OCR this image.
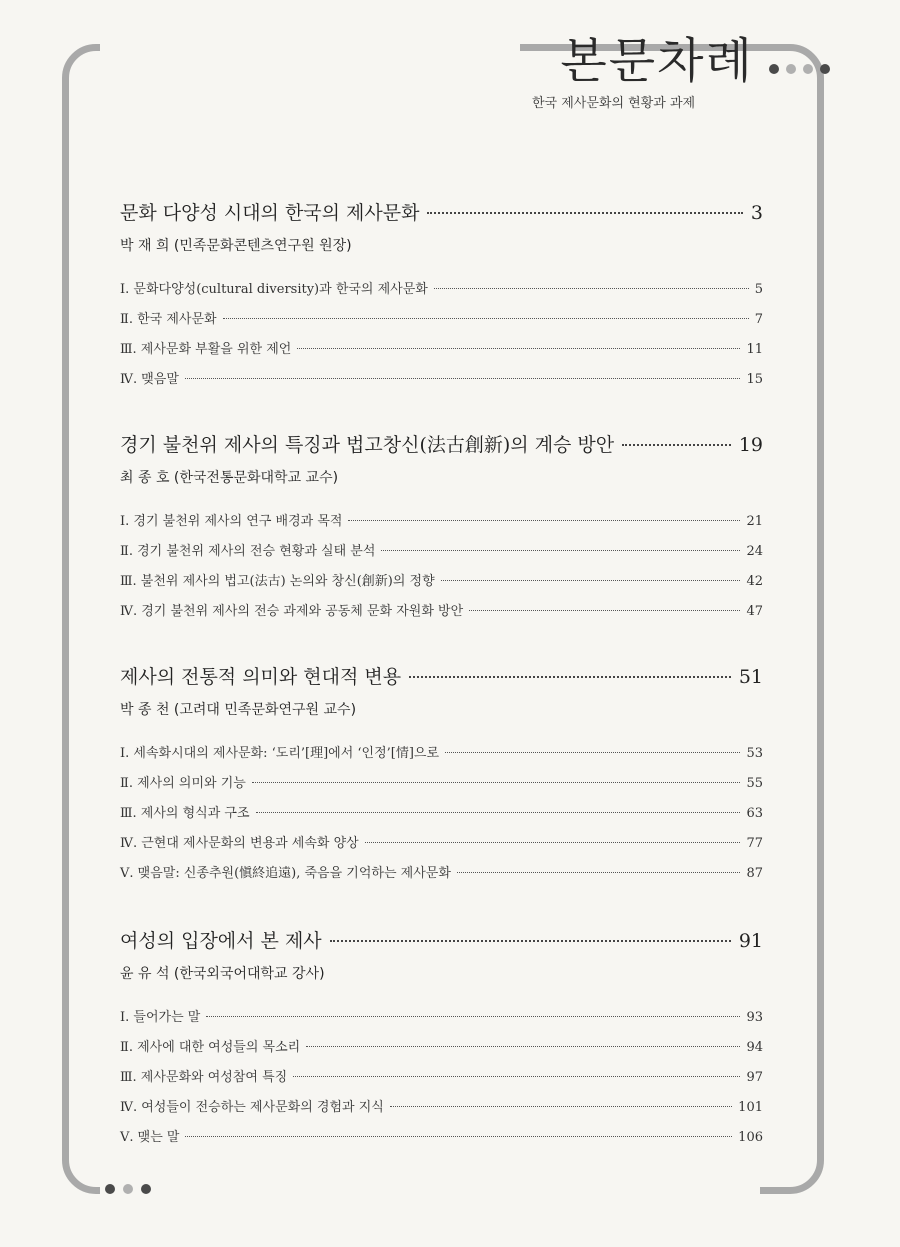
본문차례
한국 제사문화의 현황과 과제
문화 다양성 시대의 한국의 제사문화	3
박 재 희 (민족문화콘텐츠연구원 원장)
Ⅰ. 문화다양성(cultural diversity)과 한국의 제사문화	5
Ⅱ. 한국 제사문화	7
Ⅲ. 제사문화 부활을 위한 제언	11
Ⅳ. 맺음말	15
경기 불천위 제사의 특징과 법고창신(法古創新)의 계승 방안	19
최 종 호 (한국전통문화대학교 교수)
Ⅰ. 경기 불천위 제사의 연구 배경과 목적	21
Ⅱ. 경기 불천위 제사의 전승 현황과 실태 분석	24
Ⅲ. 불천위 제사의 법고(法古) 논의와 창신(創新)의 정향	42
Ⅳ. 경기 불천위 제사의 전승 과제와 공동체 문화 자원화 방안	47
제사의 전통적 의미와 현대적 변용	51
박 종 천 (고려대 민족문화연구원 교수)
Ⅰ. 세속화시대의 제사문화: ‘도리’[理]에서 ‘인정’[情]으로	53
Ⅱ. 제사의 의미와 기능	55
Ⅲ. 제사의 형식과 구조	63
Ⅳ. 근현대 제사문화의 변용과 세속화 양상	77
Ⅴ. 맺음말: 신종추원(愼終追遠), 죽음을 기억하는 제사문화	87
여성의 입장에서 본 제사	91
윤 유 석 (한국외국어대학교 강사)
Ⅰ. 들어가는 말	93
Ⅱ. 제사에 대한 여성들의 목소리	94
Ⅲ. 제사문화와 여성참여 특징	97
Ⅳ. 여성들이 전승하는 제사문화의 경험과 지식	101
Ⅴ. 맺는 말	106
